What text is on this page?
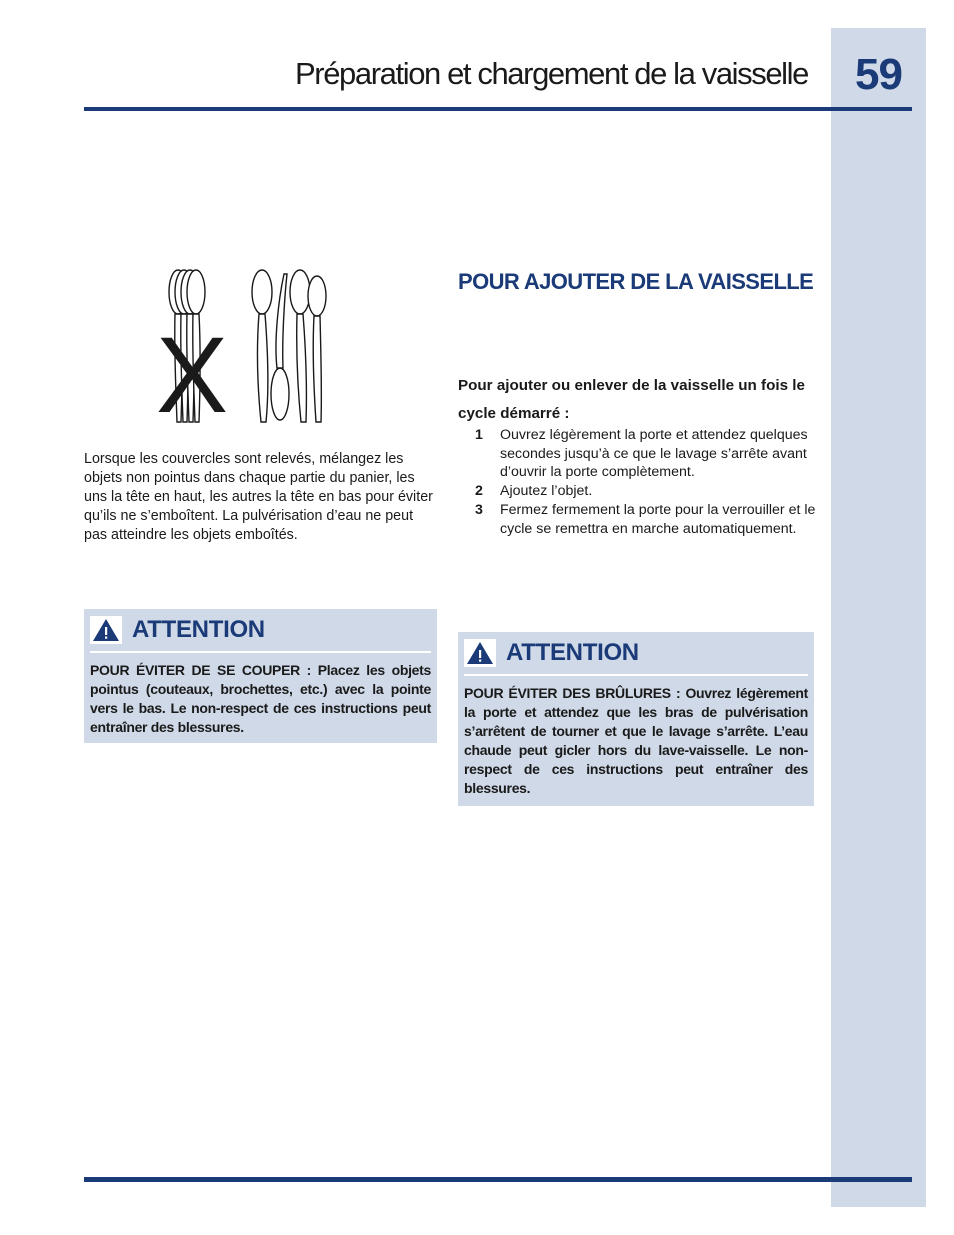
59
Préparation et chargement de la vaisselle
X

Lorsque les couvercles sont relevés, mélangez les objets non pointus dans chaque partie du panier, les uns la tête en haut, les autres la tête en bas pour éviter qu’ils ne s’emboîtent. La pulvérisation d’eau ne peut pas atteindre les objets emboîtés.

ATTENTION

POUR ÉVITER DE SE COUPER : Placez les objets pointus (couteaux, brochettes, etc.) avec la pointe vers le bas. Le non-respect de ces instructions peut entraîner des blessures.

POUR AJOUTER DE LA VAISSELLE

Pour ajouter ou enlever de la vaisselle un fois le cycle démarré :

1	Ouvrez légèrement la porte et attendez quelques secondes jusqu’à ce que le lavage s’arrête avant d’ouvrir la porte complètement.
2	Ajoutez l’objet.
3	Fermez fermement la porte pour la verrouiller et le cycle se remettra en marche automatiquement.
ATTENTION

POUR ÉVITER DES BRÛLURES : Ouvrez légèrement la porte et attendez que les bras de pulvérisation s’arrêtent de tourner et que le lavage s’arrête. L’eau chaude peut gicler hors du lave-vaisselle. Le non-respect de ces instructions peut entraîner des blessures.
